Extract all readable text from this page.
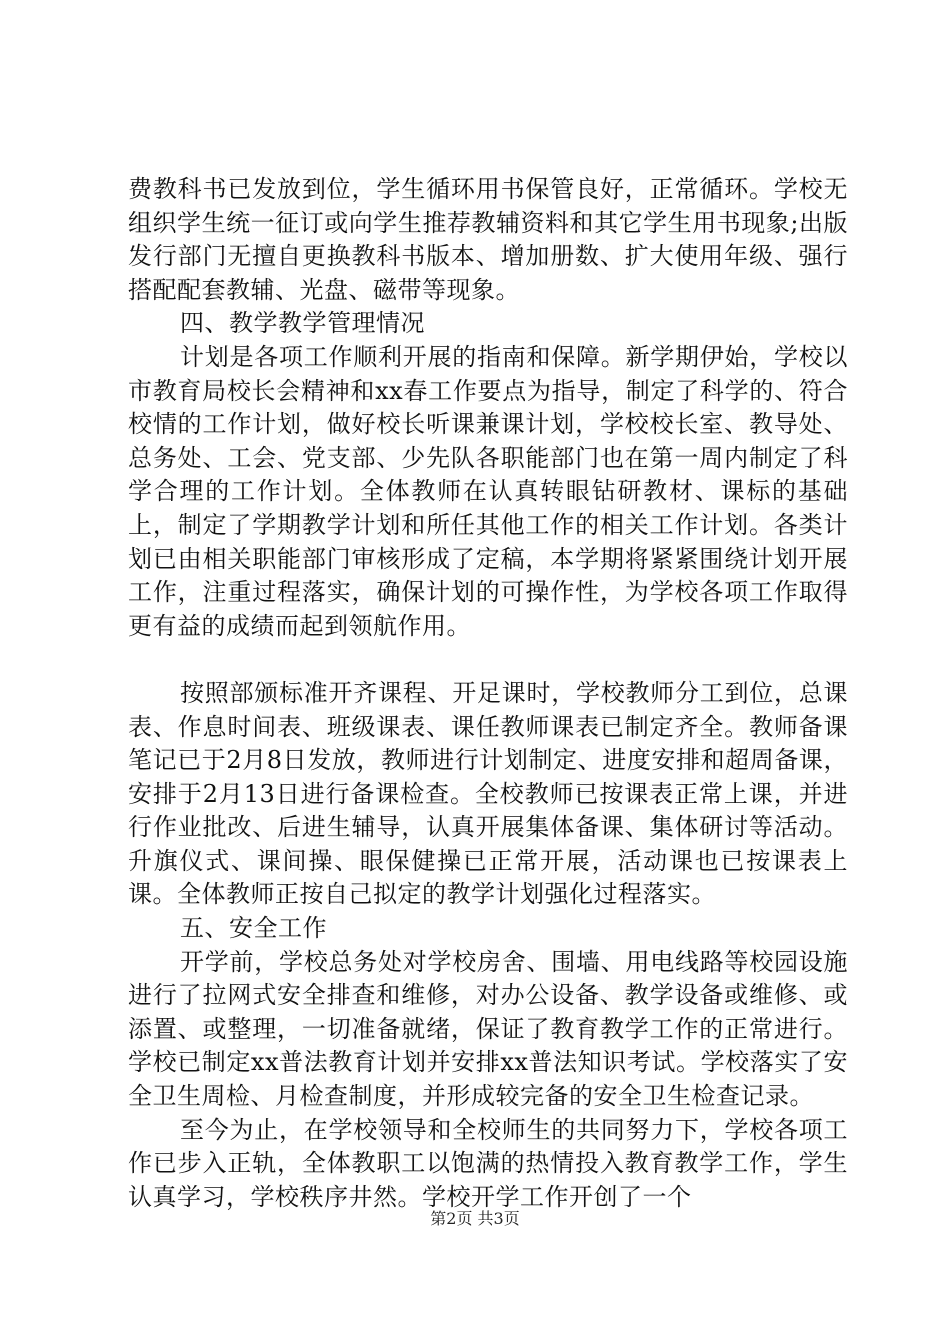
费教科书已发放到位，学生循环用书保管良好，正常循环。学校无组织学生统一征订或向学生推荐教辅资料和其它学生用书现象;出版发行部门无擅自更换教科书版本、增加册数、扩大使用年级、强行搭配配套教辅、光盘、磁带等现象。

四、教学教学管理情况

计划是各项工作顺利开展的指南和保障。新学期伊始，学校以市教育局校长会精神和xx春工作要点为指导，制定了科学的、符合校情的工作计划，做好校长听课兼课计划，学校校长室、教导处、总务处、工会、党支部、少先队各职能部门也在第一周内制定了科学合理的工作计划。全体教师在认真转眼钻研教材、课标的基础上，制定了学期教学计划和所任其他工作的相关工作计划。各类计划已由相关职能部门审核形成了定稿，本学期将紧紧围绕计划开展工作，注重过程落实，确保计划的可操作性，为学校各项工作取得更有益的成绩而起到领航作用。

按照部颁标准开齐课程、开足课时，学校教师分工到位，总课表、作息时间表、班级课表、课任教师课表已制定齐全。教师备课笔记已于2月8日发放，教师进行计划制定、进度安排和超周备课，安排于2月13日进行备课检查。全校教师已按课表正常上课，并进行作业批改、后进生辅导，认真开展集体备课、集体研讨等活动。升旗仪式、课间操、眼保健操已正常开展，活动课也已按课表上课。全体教师正按自己拟定的教学计划强化过程落实。

五、安全工作

开学前，学校总务处对学校房舍、围墙、用电线路等校园设施进行了拉网式安全排查和维修，对办公设备、教学设备或维修、或添置、或整理，一切准备就绪，保证了教育教学工作的正常进行。学校已制定xx普法教育计划并安排xx普法知识考试。学校落实了安全卫生周检、月检查制度，并形成较完备的安全卫生检查记录。

至今为止，在学校领导和全校师生的共同努力下，学校各项工作已步入正轨，全体教职工以饱满的热情投入教育教学工作，学生认真学习，学校秩序井然。学校开学工作开创了一个

第2页 共3页
